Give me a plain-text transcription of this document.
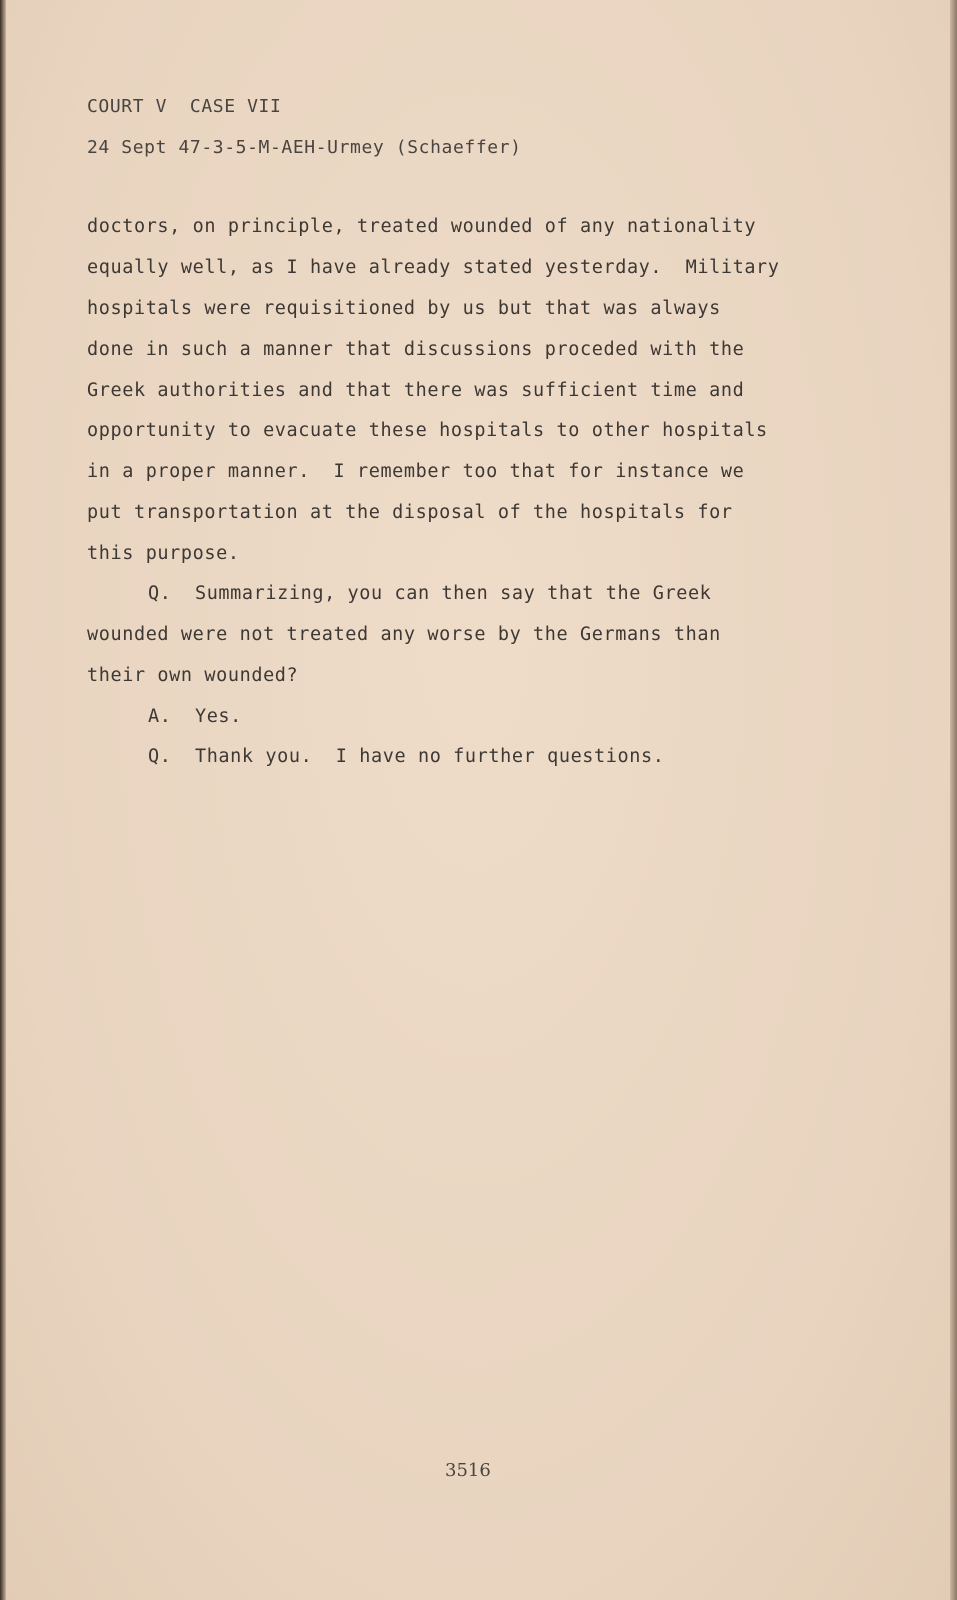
COURT V  CASE VII
24 Sept 47-3-5-M-AEH-Urmey (Schaeffer)
doctors, on principle, treated wounded of any nationality
equally well, as I have already stated yesterday.  Military
hospitals were requisitioned by us but that was always
done in such a manner that discussions proceded with the
Greek authorities and that there was sufficient time and
opportunity to evacuate these hospitals to other hospitals
in a proper manner.  I remember too that for instance we
put transportation at the disposal of the hospitals for
this purpose.
Q.  Summarizing, you can then say that the Greek
wounded were not treated any worse by the Germans than
their own wounded?
A.  Yes.
Q.  Thank you.  I have no further questions.
3516
